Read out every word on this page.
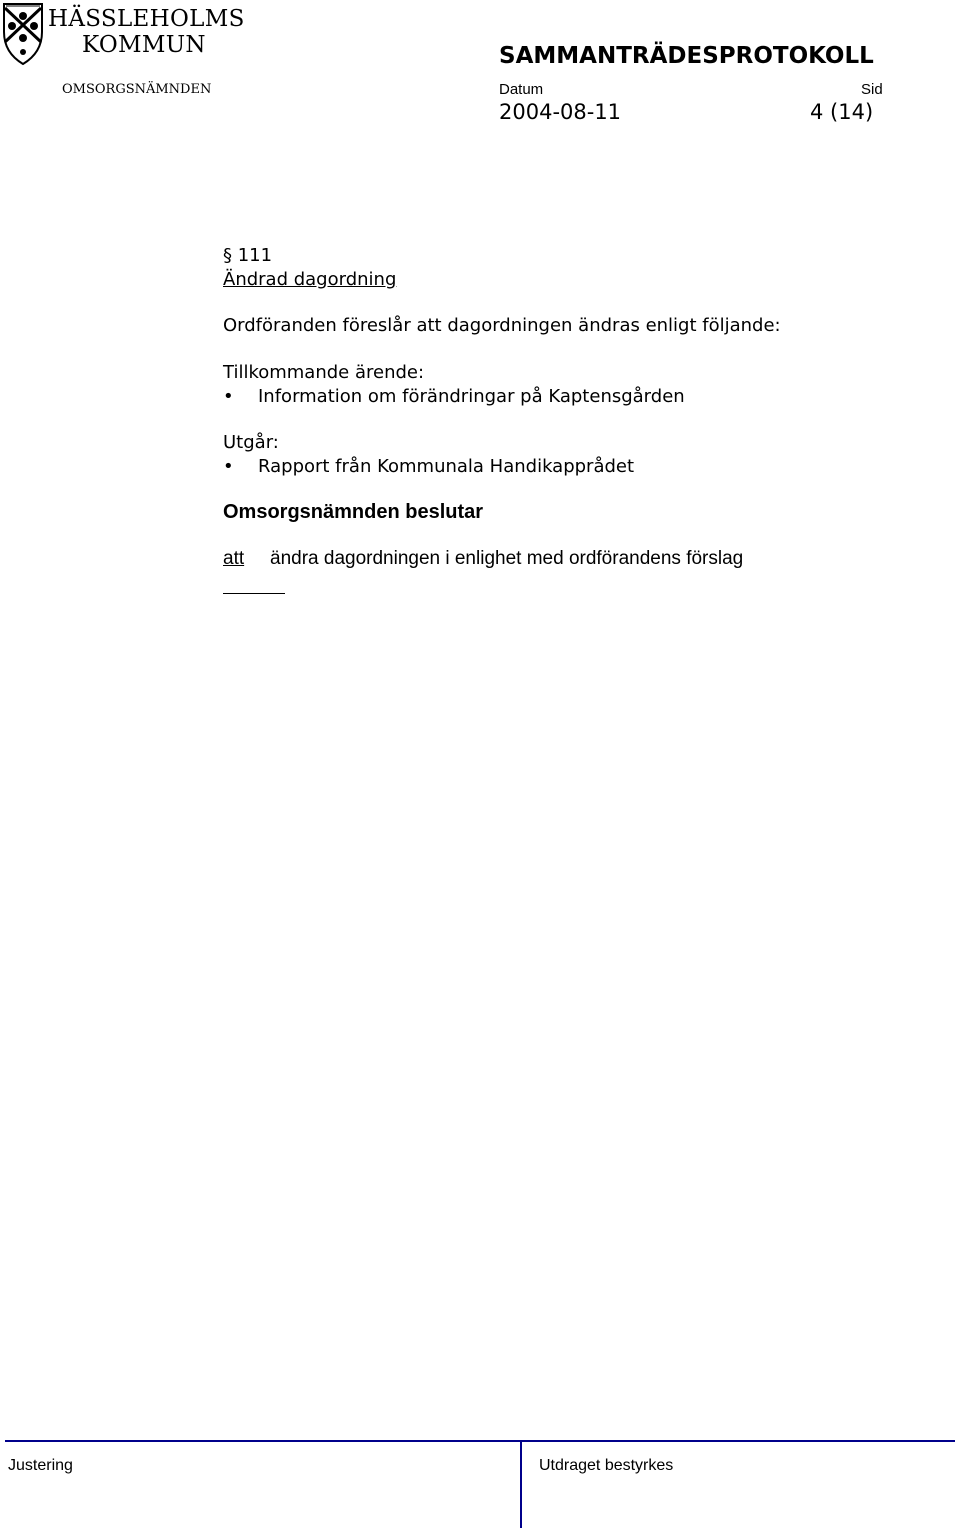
HÄSSLEHOLMS
KOMMUN
OMSORGSNÄMNDEN
SAMMANTRÄDESPROTOKOLL
Datum	Sid
2004-08-11	4 (14)
§ 111
Ändrad dagordning
Ordföranden föreslår att dagordningen ändras enligt följande:
Tillkommande ärende:
• Information om förändringar på Kaptensgården
Utgår:
• Rapport från Kommunala Handikapprådet
Omsorgsnämnden beslutar
att ändra dagordningen i enlighet med ordförandens förslag
Justering	Utdraget bestyrkes
